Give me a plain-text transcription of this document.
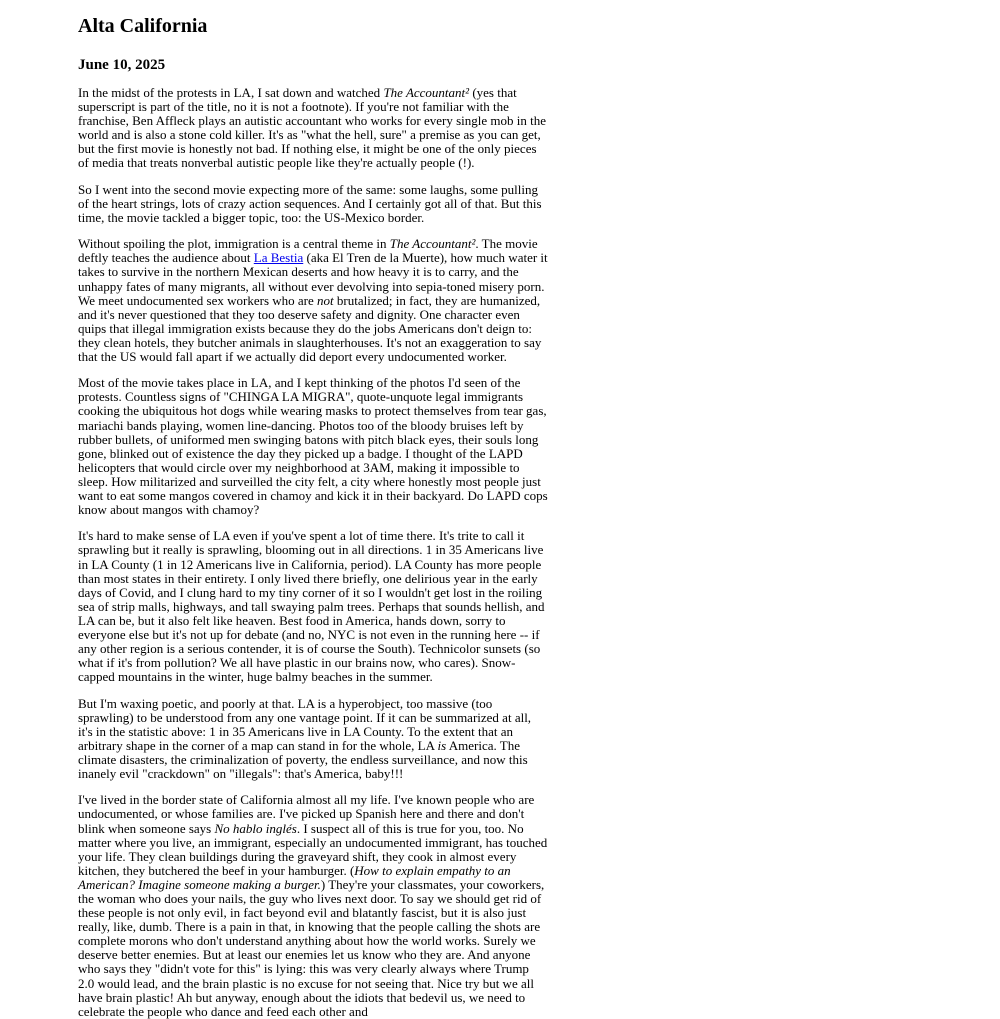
Alta California
June 10, 2025

In the midst of the protests in LA, I sat down and watched The Accountant² (yes that superscript is part of the title, no it is not a footnote). If you're not familiar with the franchise, Ben Affleck plays an autistic accountant who works for every single mob in the world and is also a stone cold killer. It's as "what the hell, sure" a premise as you can get, but the first movie is honestly not bad. If nothing else, it might be one of the only pieces of media that treats nonverbal autistic people like they're actually people (!).

So I went into the second movie expecting more of the same: some laughs, some pulling of the heart strings, lots of crazy action sequences. And I certainly got all of that. But this time, the movie tackled a bigger topic, too: the US-Mexico border.

Without spoiling the plot, immigration is a central theme in The Accountant². The movie deftly teaches the audience about La Bestia (aka El Tren de la Muerte), how much water it takes to survive in the northern Mexican deserts and how heavy it is to carry, and the unhappy fates of many migrants, all without ever devolving into sepia-toned misery porn. We meet undocumented sex workers who are not brutalized; in fact, they are humanized, and it's never questioned that they too deserve safety and dignity. One character even quips that illegal immigration exists because they do the jobs Americans don't deign to: they clean hotels, they butcher animals in slaughterhouses. It's not an exaggeration to say that the US would fall apart if we actually did deport every undocumented worker.

Most of the movie takes place in LA, and I kept thinking of the photos I'd seen of the protests. Countless signs of "CHINGA LA MIGRA", quote-unquote legal immigrants cooking the ubiquitous hot dogs while wearing masks to protect themselves from tear gas, mariachi bands playing, women line-dancing. Photos too of the bloody bruises left by rubber bullets, of uniformed men swinging batons with pitch black eyes, their souls long gone, blinked out of existence the day they picked up a badge. I thought of the LAPD helicopters that would circle over my neighborhood at 3AM, making it impossible to sleep. How militarized and surveilled the city felt, a city where honestly most people just want to eat some mangos covered in chamoy and kick it in their backyard. Do LAPD cops know about mangos with chamoy?

It's hard to make sense of LA even if you've spent a lot of time there. It's trite to call it sprawling but it really is sprawling, blooming out in all directions. 1 in 35 Americans live in LA County (1 in 12 Americans live in California, period). LA County has more people than most states in their entirety. I only lived there briefly, one delirious year in the early days of Covid, and I clung hard to my tiny corner of it so I wouldn't get lost in the roiling sea of strip malls, highways, and tall swaying palm trees. Perhaps that sounds hellish, and LA can be, but it also felt like heaven. Best food in America, hands down, sorry to everyone else but it's not up for debate (and no, NYC is not even in the running here -- if any other region is a serious contender, it is of course the South). Technicolor sunsets (so what if it's from pollution? We all have plastic in our brains now, who cares). Snow-capped mountains in the winter, huge balmy beaches in the summer.

But I'm waxing poetic, and poorly at that. LA is a hyperobject, too massive (too sprawling) to be understood from any one vantage point. If it can be summarized at all, it's in the statistic above: 1 in 35 Americans live in LA County. To the extent that an arbitrary shape in the corner of a map can stand in for the whole, LA is America. The climate disasters, the criminalization of poverty, the endless surveillance, and now this inanely evil "crackdown" on "illegals": that's America, baby!!!

I've lived in the border state of California almost all my life. I've known people who are undocumented, or whose families are. I've picked up Spanish here and there and don't blink when someone says No hablo inglés. I suspect all of this is true for you, too. No matter where you live, an immigrant, especially an undocumented immigrant, has touched your life. They clean buildings during the graveyard shift, they cook in almost every kitchen, they butchered the beef in your hamburger. (How to explain empathy to an American? Imagine someone making a burger.) They're your classmates, your coworkers, the woman who does your nails, the guy who lives next door. To say we should get rid of these people is not only evil, in fact beyond evil and blatantly fascist, but it is also just really, like, dumb. There is a pain in that, in knowing that the people calling the shots are complete morons who don't understand anything about how the world works. Surely we deserve better enemies. But at least our enemies let us know who they are. And anyone who says they "didn't vote for this" is lying: this was very clearly always where Trump 2.0 would lead, and the brain plastic is no excuse for not seeing that. Nice try but we all have brain plastic! Ah but anyway, enough about the idiots that bedevil us, we need to celebrate the people who dance and feed each other and
